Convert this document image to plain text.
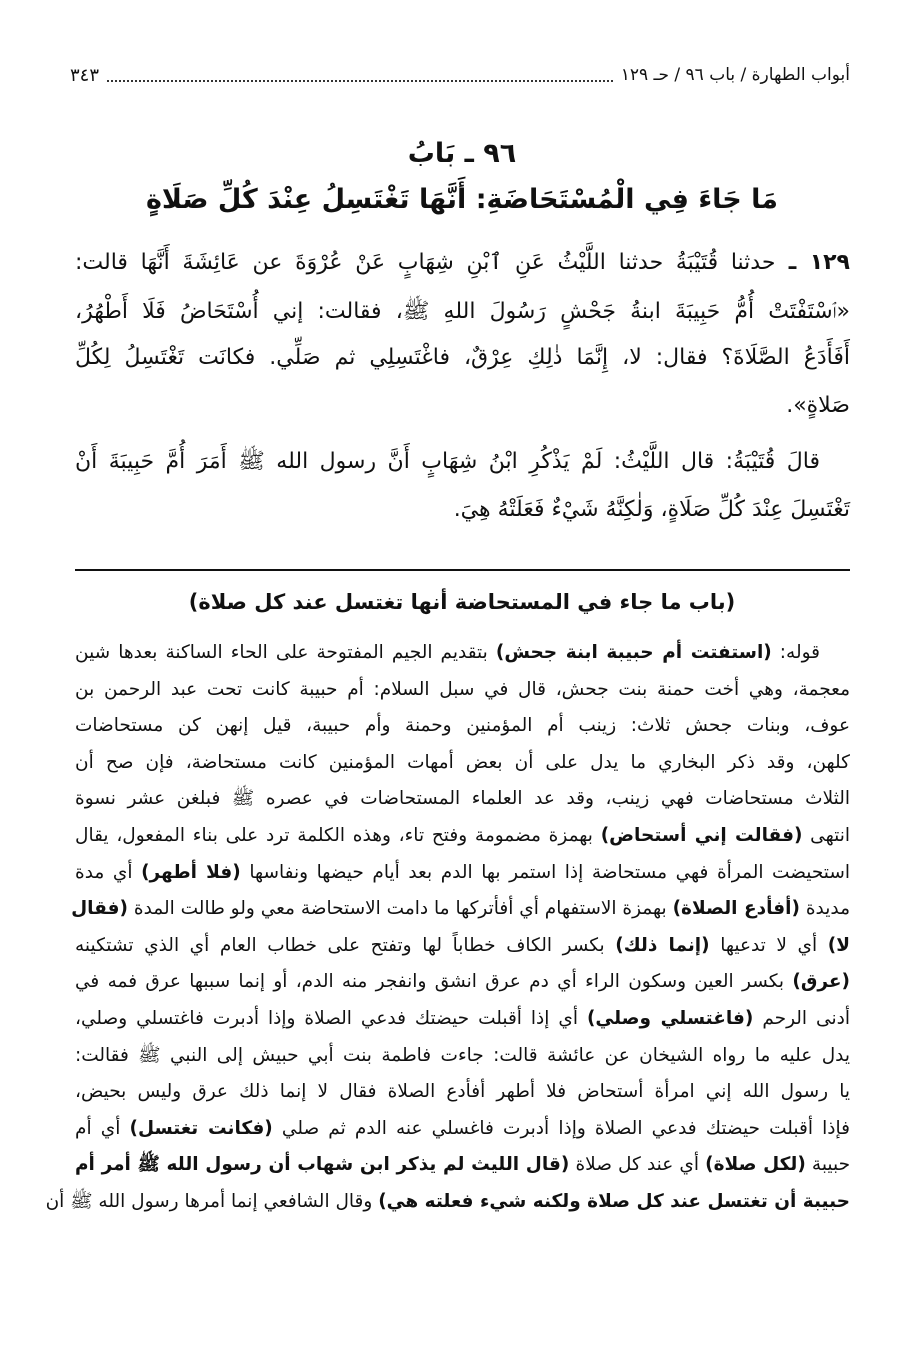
أبواب الطهارة / باب ٩٦ / حـ ١٢٩
٣٤٣
٩٦ ـ بَابُ
مَا جَاءَ فِي الْمُسْتَحَاضَةِ: أَنَّهَا تَغْتَسِلُ عِنْدَ كُلِّ صَلَاةٍ
١٢٩ ـ حدثنا قُتَيْبَةُ حدثنا اللَّيْثُ عَنِ ٱبْنِ شِهَابٍ عَنْ عُرْوَةَ عن عَائِشَةَ أَنَّهَا قالت:
«ٱسْتَفْتَتْ أُمُّ حَبِيبَةَ ابنةُ جَحْشٍ رَسُولَ اللهِ ﷺ، فقالت: إني أُسْتَحَاضُ فَلَا أَطْهُرُ،
أَفَأَدَعُ الصَّلَاةَ؟ فقال: لا، إِنَّمَا ذٰلِكِ عِرْقٌ، فاغْتَسِلِي ثم صَلِّي. فكانَت تَغْتَسِلُ لِكُلِّ
صَلاةٍ».
قالَ قُتَيْبَةُ: قال اللَّيْثُ: لَمْ يَذْكُرِ ابْنُ شِهَابٍ أَنَّ رسول الله ﷺ أَمَرَ أُمَّ حَبِيبَةَ أَنْ
تَغْتَسِلَ عِنْدَ كُلِّ صَلَاةٍ، وَلٰكِنَّهُ شَيْءٌ فَعَلَتْهُ هِيَ.
(باب ما جاء في المستحاضة أنها تغتسل عند كل صلاة)
قوله: (استفتت أم حبيبة ابنة جحش) بتقديم الجيم المفتوحة على الحاء الساكنة بعدها شين
معجمة، وهي أخت حمنة بنت جحش، قال في سبل السلام: أم حبيبة كانت تحت عبد الرحمن بن
عوف، وبنات جحش ثلاث: زينب أم المؤمنين وحمنة وأم حبيبة، قيل إنهن كن مستحاضات
كلهن، وقد ذكر البخاري ما يدل على أن بعض أمهات المؤمنين كانت مستحاضة، فإن صح أن
الثلاث مستحاضات فهي زينب، وقد عد العلماء المستحاضات في عصره ﷺ فبلغن عشر نسوة
انتهى (فقالت إني أستحاض) بهمزة مضمومة وفتح تاء، وهذه الكلمة ترد على بناء المفعول، يقال
استحيضت المرأة فهي مستحاضة إذا استمر بها الدم بعد أيام حيضها ونفاسها (فلا أطهر) أي مدة
مديدة (أفأدع الصلاة) بهمزة الاستفهام أي أفأتركها ما دامت الاستحاضة معي ولو طالت المدة (فقال
لا) أي لا تدعيها (إنما ذلك) بكسر الكاف خطاباً لها وتفتح على خطاب العام أي الذي تشتكينه
(عرق) بكسر العين وسكون الراء أي دم عرق انشق وانفجر منه الدم، أو إنما سببها عرق فمه في
أدنى الرحم (فاغتسلي وصلي) أي إذا أقبلت حيضتك فدعي الصلاة وإذا أدبرت فاغتسلي وصلي،
يدل عليه ما رواه الشيخان عن عائشة قالت: جاءت فاطمة بنت أبي حبيش إلى النبي ﷺ فقالت:
يا رسول الله إني امرأة أستحاض فلا أطهر أفأدع الصلاة فقال لا إنما ذلك عرق وليس بحيض،
فإذا أقبلت حيضتك فدعي الصلاة وإذا أدبرت فاغسلي عنه الدم ثم صلي (فكانت تغتسل) أي أم
حبيبة (لكل صلاة) أي عند كل صلاة (قال الليث لم يذكر ابن شهاب أن رسول الله ﷺ أمر أم
حبيبة أن تغتسل عند كل صلاة ولكنه شيء فعلته هي) وقال الشافعي إنما أمرها رسول الله ﷺ أن
